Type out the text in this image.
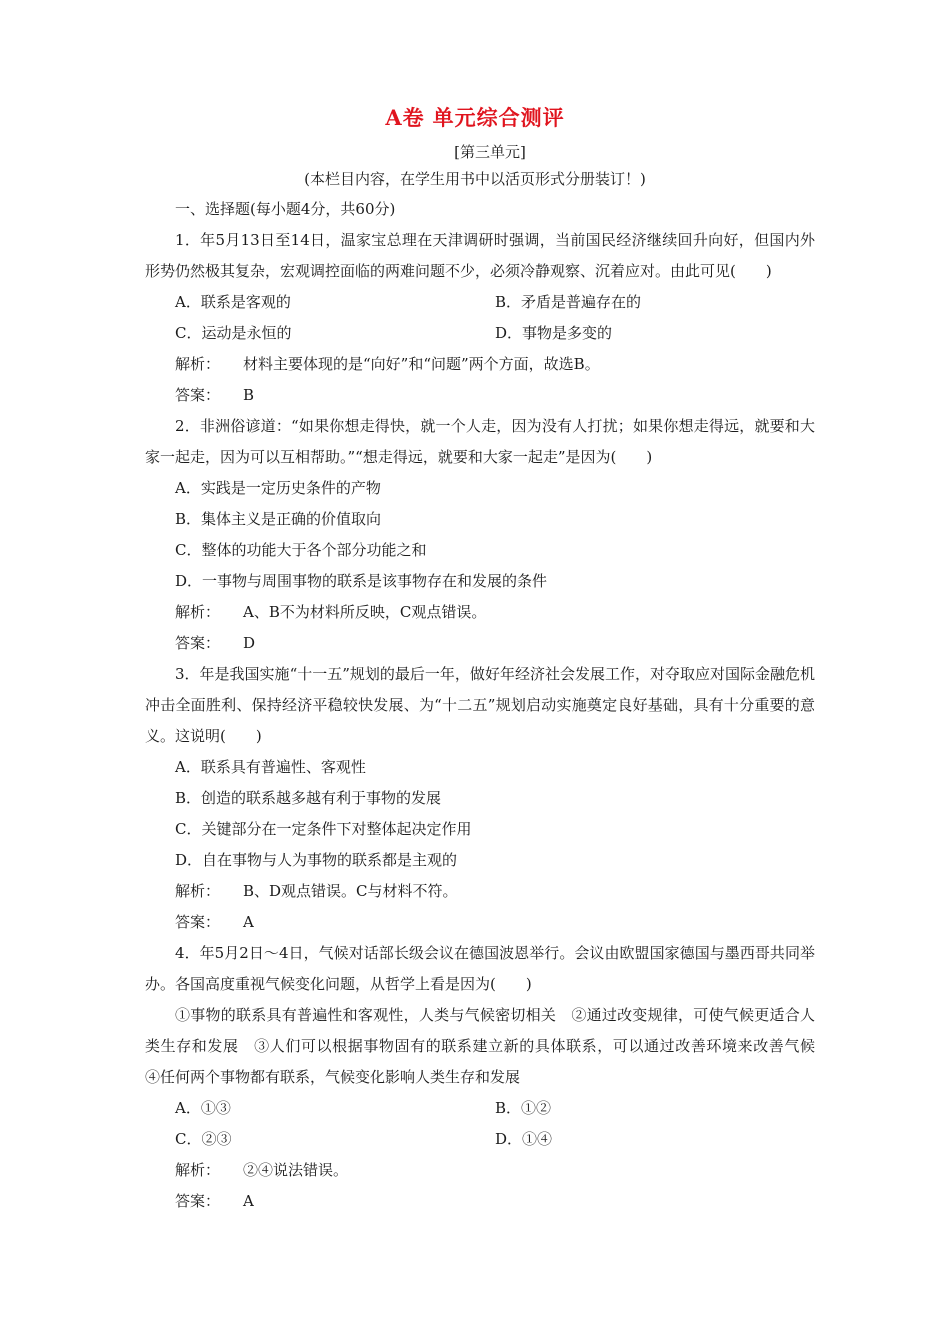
A卷 单元综合测评
[第三单元]
(本栏目内容，在学生用书中以活页形式分册装订！)
一、选择题(每小题4分，共60分)

1．年5月13日至14日，温家宝总理在天津调研时强调，当前国民经济继续回升向好，但国内外形势仍然极其复杂，宏观调控面临的两难问题不少，必须冷静观察、沉着应对。由此可见(　　)

A．联系是客观的	B．矛盾是普遍存在的
C．运动是永恒的	D．事物是多变的
解析： 材料主要体现的是“向好”和“问题”两个方面，故选B。
答案： B

2．非洲俗谚道：“如果你想走得快，就一个人走，因为没有人打扰；如果你想走得远，就要和大家一起走，因为可以互相帮助。”“想走得远，就要和大家一起走”是因为(　　)

A．实践是一定历史条件的产物
B．集体主义是正确的价值取向
C．整体的功能大于各个部分功能之和
D．一事物与周围事物的联系是该事物存在和发展的条件
解析： A、B不为材料所反映，C观点错误。
答案： D

3．年是我国实施“十一五”规划的最后一年，做好年经济社会发展工作，对夺取应对国际金融危机冲击全面胜利、保持经济平稳较快发展、为“十二五”规划启动实施奠定良好基础，具有十分重要的意义。这说明(　　)

A．联系具有普遍性、客观性
B．创造的联系越多越有利于事物的发展
C．关键部分在一定条件下对整体起决定作用
D．自在事物与人为事物的联系都是主观的
解析： B、D观点错误。C与材料不符。
答案： A

4．年5月2日～4日，气候对话部长级会议在德国波恩举行。会议由欧盟国家德国与墨西哥共同举办。各国高度重视气候变化问题，从哲学上看是因为(　　)

①事物的联系具有普遍性和客观性，人类与气候密切相关　②通过改变规律，可使气候更适合人类生存和发展　③人们可以根据事物固有的联系建立新的具体联系，可以通过改善环境来改善气候　④任何两个事物都有联系，气候变化影响人类生存和发展

A．①③	B．①②
C．②③	D．①④
解析： ②④说法错误。
答案： A
